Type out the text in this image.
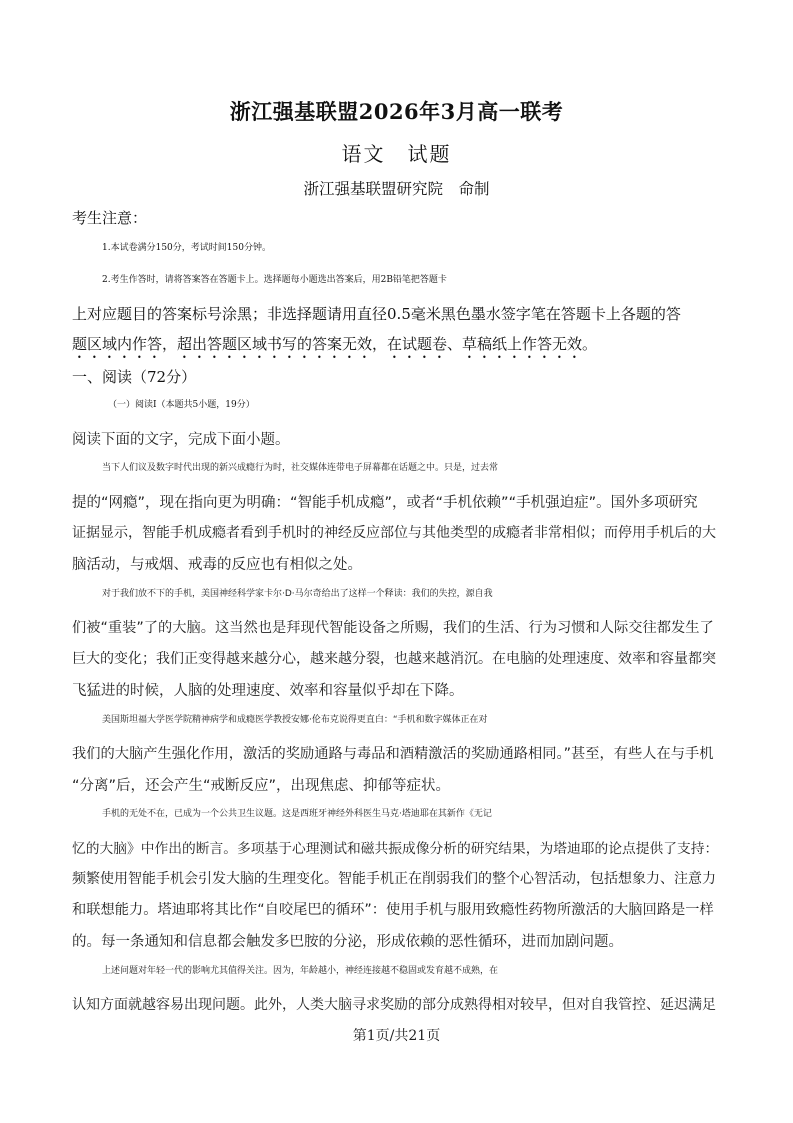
浙江强基联盟2026年3月高一联考
语文　试题
浙江强基联盟研究院　命制
考生注意：
1.本试卷满分150分，考试时间150分钟。
2.考生作答时，请将答案答在答题卡上。选择题每小题选出答案后，用2B铅笔把答题卡
上对应题目的答案标号涂黑；非选择题请用直径0.5毫米黑色墨水签字笔在答题卡上各题的答
题区域内作答，超出答题区域书写的答案无效，在试题卷、草稿纸上作答无效。
一、阅读（72分）
（一）阅读Ⅰ（本题共5小题，19分）
阅读下面的文字，完成下面小题。
当下人们议及数字时代出现的新兴成瘾行为时，社交媒体连带电子屏幕都在话题之中。只是，过去常
提的“网瘾”，现在指向更为明确：“智能手机成瘾”，或者“手机依赖”“手机强迫症”。国外多项研究
证据显示，智能手机成瘾者看到手机时的神经反应部位与其他类型的成瘾者非常相似；而停用手机后的大
脑活动，与戒烟、戒毒的反应也有相似之处。
对于我们放不下的手机，美国神经科学家卡尔·D·马尔奇给出了这样一个释读：我们的失控，源自我
们被“重装”了的大脑。这当然也是拜现代智能设备之所赐，我们的生活、行为习惯和人际交往都发生了
巨大的变化；我们正变得越来越分心，越来越分裂，也越来越消沉。在电脑的处理速度、效率和容量都突
飞猛进的时候，人脑的处理速度、效率和容量似乎却在下降。
美国斯坦福大学医学院精神病学和成瘾医学教授安娜·伦布克说得更直白：“手机和数字媒体正在对
我们的大脑产生强化作用，激活的奖励通路与毒品和酒精激活的奖励通路相同。”甚至，有些人在与手机
“分离”后，还会产生“戒断反应”，出现焦虑、抑郁等症状。
手机的无处不在，已成为一个公共卫生议题。这是西班牙神经外科医生马克·塔迪耶在其新作《无记
忆的大脑》中作出的断言。多项基于心理测试和磁共振成像分析的研究结果，为塔迪耶的论点提供了支持：
频繁使用智能手机会引发大脑的生理变化。智能手机正在削弱我们的整个心智活动，包括想象力、注意力
和联想能力。塔迪耶将其比作“自咬尾巴的循环”：使用手机与服用致瘾性药物所激活的大脑回路是一样
的。每一条通知和信息都会触发多巴胺的分泌，形成依赖的恶性循环，进而加剧问题。
上述问题对年轻一代的影响尤其值得关注。因为，年龄越小，神经连接越不稳固或发育越不成熟，在
认知方面就越容易出现问题。此外，人类大脑寻求奖励的部分成熟得相对较早，但对自我管控、延迟满足
第1页/共21页
